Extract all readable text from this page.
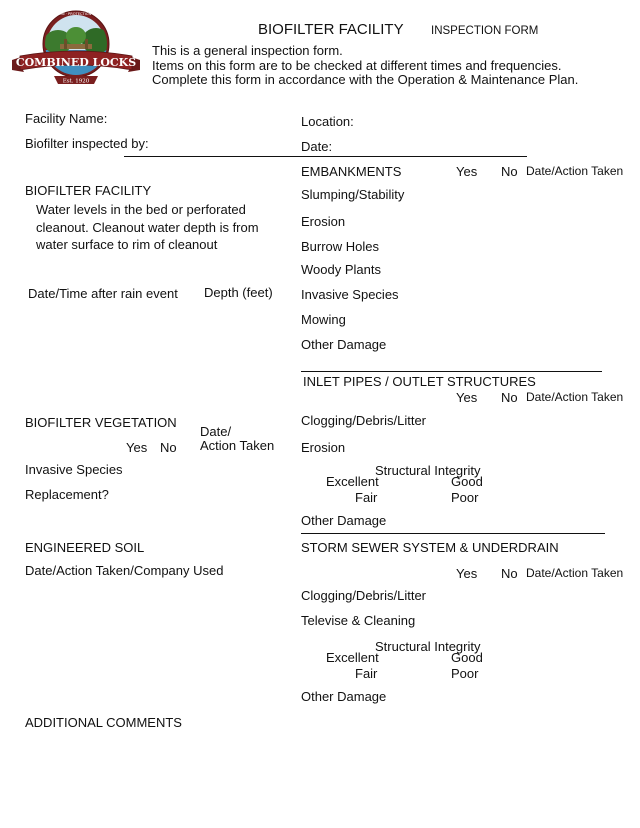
PRESERVATION · PROTECTION · PROGRESS
COMBINED LOCKS
Est. 1920
BIOFILTER FACILITY INSPECTION FORM
This is a general inspection form.
Items on this form are to be checked at different times and frequencies.
Complete this form in accordance with the Operation & Maintenance Plan.
Facility Name:	Location:
Biofilter inspected by:	Date:
BIOFILTER FACILITY
Water levels in the bed or perforated
cleanout. Cleanout water depth is from
water surface to rim of cleanout
Date/Time after rain event Depth (feet)
BIOFILTER VEGETATION
Date/
Action Taken
Yes No
Invasive Species
Replacement?
ENGINEERED SOIL
Date/Action Taken/Company Used
ADDITIONAL COMMENTS
EMBANKMENTS	Yes No Date/Action Taken
Slumping/Stability
Erosion
Burrow Holes
Woody Plants
Invasive Species
Mowing
Other Damage
INLET PIPES / OUTLET STRUCTURES
Yes No Date/Action Taken
Clogging/Debris/Litter
Erosion
Structural Integrity
Excellent	Good
Fair	Poor
Other Damage
STORM SEWER SYSTEM & UNDERDRAIN
Yes No Date/Action Taken
Clogging/Debris/Litter
Televise & Cleaning
Structural Integrity
Excellent	Good
Fair	Poor
Other Damage
